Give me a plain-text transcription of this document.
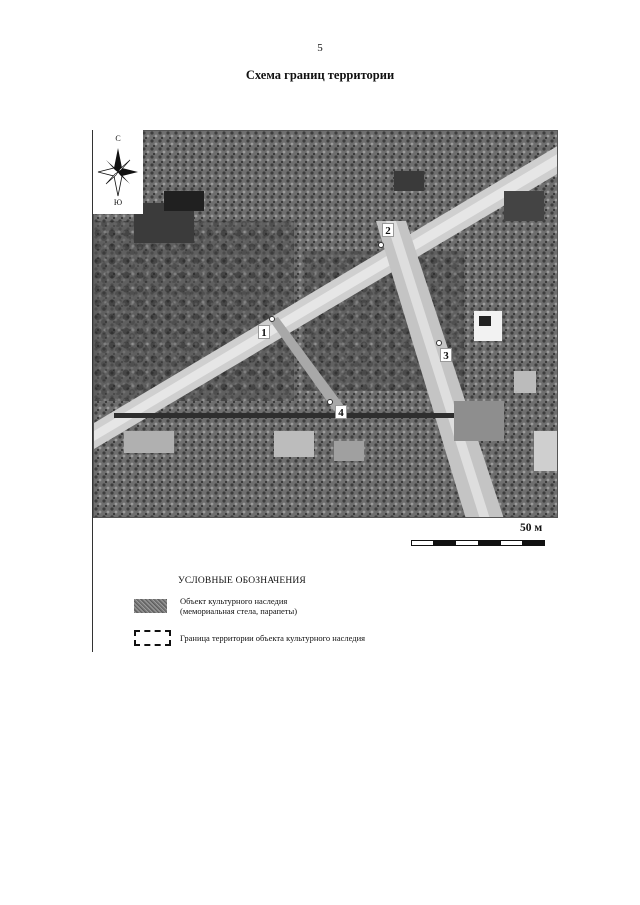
5
Схема границ территории
С
Ю
1
2
3
4
50 м
УСЛОВНЫЕ ОБОЗНАЧЕНИЯ
Объект культурного наследия
(мемориальная стела, парапеты)
Граница территории объекта культурного наследия
